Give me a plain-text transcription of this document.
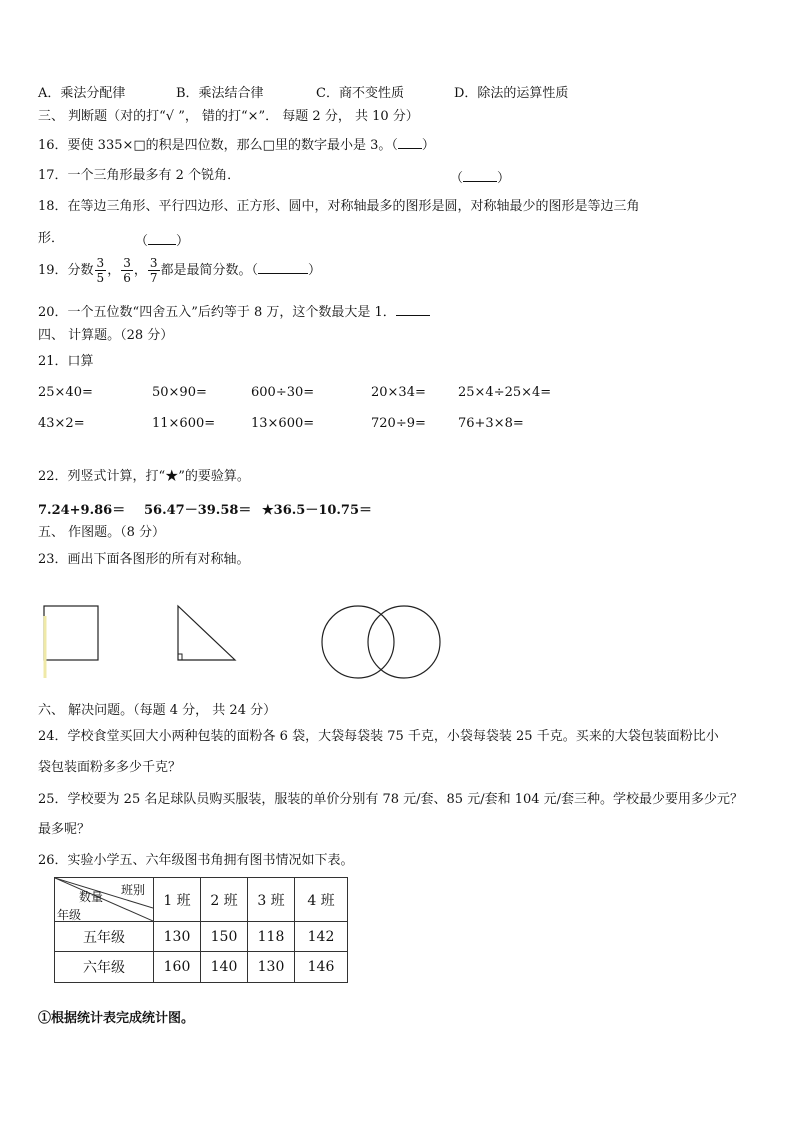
A．乘法分配律	B．乘法结合律	C．商不变性质	D．除法的运算性质
三、 判断题（对的打“√ ”， 错的打“×”． 每题 2 分， 共 10 分）
16．要使 335×□的积是四位数，那么□里的数字最小是 3。（ ）
17．一个三角形最多有 2 个锐角．	（	）
18．在等边三角形、平行四边形、正方形、圆中，对称轴最多的图形是圆，对称轴最少的图形是等边三角
形．	（ ）
19．分数 $\frac{3}{5}$ ， $\frac{3}{6}$ ， $\frac{3}{7}$ 都是最简分数。（	）
20．一个五位数“四舍五入”后约等于 8 万，这个数最大是 1．
四、 计算题。（28 分）
21．口算
25×40=	50×90=	600÷30=	20×34= 25×4÷25×4=
43×2=	11×600=	13×600=	720÷9= 76+3×8=
22．列竖式计算，打“★”的要验算。
7.24+9.86＝ 56.47－39.58＝ ★36.5－10.75＝
五、 作图题。（8 分）
23．画出下面各图形的所有对称轴。
六、 解决问题。（每题 4 分， 共 24 分）
24．学校食堂买回大小两种包装的面粉各 6 袋，大袋每袋装 75 千克，小袋每袋装 25 千克。买来的大袋包装面粉比小
袋包装面粉多多少千克？
25．学校要为 25 名足球队员购买服装，服装的单价分别有 78 元/套、85 元/套和 104 元/套三种。学校最少要用多少元？
最多呢？
26．实验小学五、六年级图书角拥有图书情况如下表。
班别
数量
年级	1 班	2 班	3 班	4 班
五年级	130	150	118	142
六年级	160	140	130	146
①根据统计表完成统计图。
